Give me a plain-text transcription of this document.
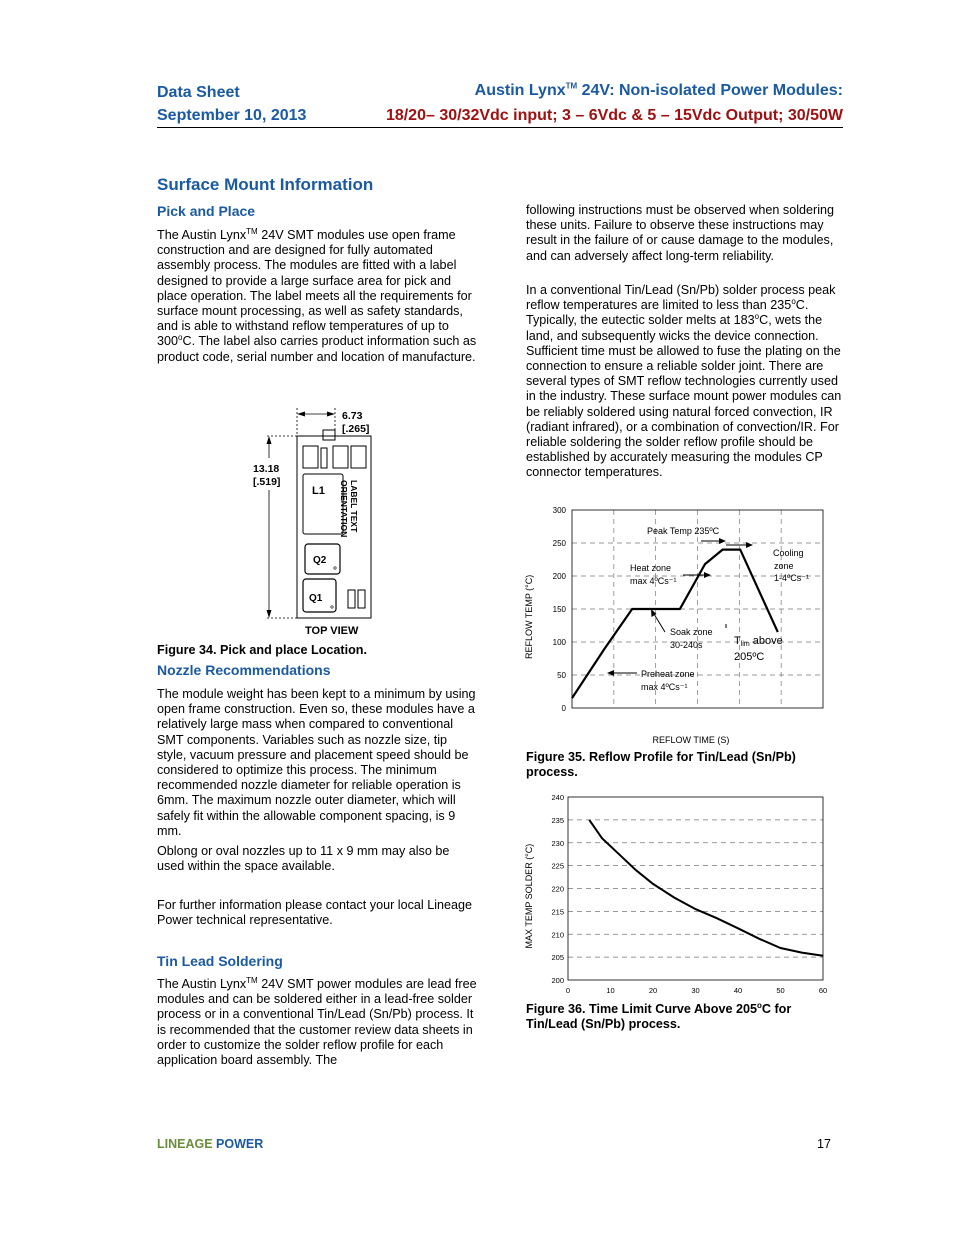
Data Sheet
September 10, 2013
Austin Lynx™ 24V: Non-isolated Power Modules:
18/20– 30/32Vdc input; 3 – 6Vdc & 5 – 15Vdc Output; 30/50W
Surface Mount Information
Pick and Place
The Austin Lynx™ 24V SMT modules use open frame construction and are designed for fully automated assembly process. The modules are fitted with a label designed to provide a large surface area for pick and place operation. The label meets all the requirements for surface mount processing, as well as safety standards, and is able to withstand reflow temperatures of up to 300$^o$C. The label also carries product information such as product code, serial number and location of manufacture.
L1
Q2
Q1
LABEL TEXT
ORIENTATION
6.73
[.265]
13.18
[.519]
TOP VIEW
Figure 34. Pick and place Location.
Nozzle Recommendations
The module weight has been kept to a minimum by using open frame construction. Even so, these modules have a relatively large mass when compared to conventional SMT components. Variables such as nozzle size, tip style, vacuum pressure and placement speed should be considered to optimize this process. The minimum recommended nozzle diameter for reliable operation is 6mm. The maximum nozzle outer diameter, which will safely fit within the allowable component spacing, is 9 mm.
Oblong or oval nozzles up to 11 x 9 mm may also be used within the space available.
For further information please contact your local Lineage Power technical representative.
Tin Lead Soldering
The Austin Lynx™ 24V SMT power modules are lead free modules and can be soldered either in a lead-free solder process or in a conventional Tin/Lead (Sn/Pb) process. It is recommended that the customer review data sheets in order to customize the solder reflow profile for each application board assembly. The
following instructions must be observed when soldering these units. Failure to observe these instructions may result in the failure of or cause damage to the modules, and can adversely affect long-term reliability.
In a conventional Tin/Lead (Sn/Pb) solder process peak reflow temperatures are limited to less than 235$^o$C. Typically, the eutectic solder melts at 183$^o$C, wets the land, and subsequently wicks the device connection. Sufficient time must be allowed to fuse the plating on the connection to ensure a reliable solder joint. There are several types of SMT reflow technologies currently used in the industry. These surface mount power modules can be reliably soldered using natural forced convection, IR (radiant infrared), or a combination of convection/IR. For reliable soldering the solder reflow profile should be established by accurately measuring the modules CP connector temperatures.
0
50
100
150
200
250
300
REFLOW TEMP (°C)
REFLOW TIME (S)
Peak Temp 235ºC
Heat zone
max 4ºCs⁻¹
Cooling
zone
1-4ºCs⁻¹
Soak zone
30-240s	Tlim above
205ºC
Preheat zone
max 4ºCs⁻¹
Figure 35. Reflow Profile for Tin/Lead (Sn/Pb)
process.
200
205
210
215
220
225
230
235
240
0	10	20	30	40	50	60
MAX TEMP SOLDER (°C)
Figure 36. Time Limit Curve Above 205$^o$C for
Tin/Lead (Sn/Pb) process.
LINEAGE POWER	17
